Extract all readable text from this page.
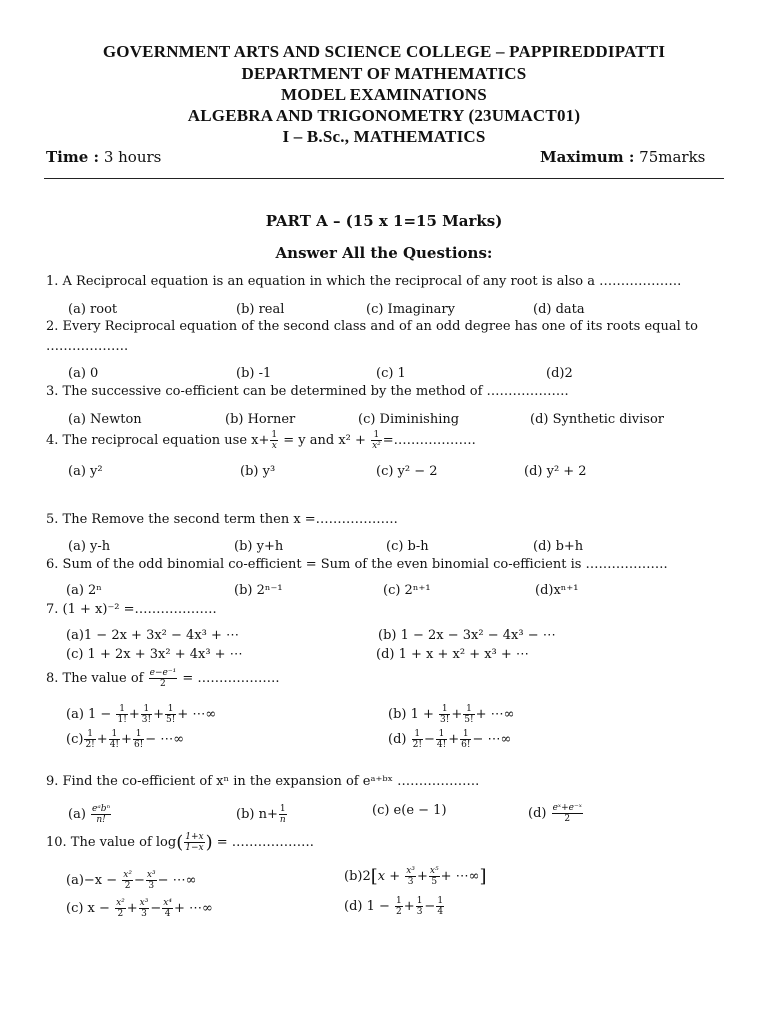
GOVERNMENT ARTS AND SCIENCE COLLEGE – PAPPIREDDIPATTI
DEPARTMENT OF MATHEMATICS
MODEL EXAMINATIONS
ALGEBRA AND TRIGONOMETRY (23UMACT01)
I – B.Sc., MATHEMATICS
Time : 3 hours	Maximum : 75marks
PART A – (15 x 1=15 Marks)
Answer All the Questions:
1. A Reciprocal equation is an equation in which the reciprocal of any root is also a ……………….
(a) root	(b) real	(c) Imaginary	(d) data
2. Every Reciprocal equation of the second class and of an odd degree has one of its roots equal to
……………….
(a) 0	(b) -1	(c) 1	(d)2
3. The successive co-efficient can be determined by the method of ……………….
(a) Newton	(b) Horner	(c) Diminishing	(d) Synthetic divisor
4. The reciprocal equation use $x+ \frac{1}{x} = y$ and $x^2 + \frac{1}{\text{x²}}$ =……………….
(a) y²	(b) y³	(c) y² − 2	(d) y² + 2
5. The Remove the second term then x =……………….
(a) y-h	(b) y+h	(c) b-h	(d) b+h
6. Sum of the odd binomial co-efficient = Sum of the even binomial co-efficient is ……………….
(a) 2ⁿ	(b) 2ⁿ⁻¹	(c) 2ⁿ⁺¹	(d)xⁿ⁺¹
7. (1 + x)⁻² =……………….
(a)1 − 2x + 3x² − 4x³ + ⋯	(b) 1 − 2x − 3x² − 4x³ − ⋯
(c) 1 + 2x + 3x² + 4x³ + ⋯	(d) 1 + x + x² + x³ + ⋯
8. The value of $\frac{\text{e−e⁻¹}}{2}$ = ……………….
(a) $1 - \frac{1}{1!} + \frac{1}{3!} + \frac{1}{5!}$ + ⋯∞	(b) $1 + \frac{1}{3!} + \frac{1}{5!}$ + ⋯∞
$(c) \frac{1}{2!} + \frac{1}{4!} + \frac{1}{6!}$ − ⋯∞	$(d) \frac{1}{2!} - \frac{1}{4!} + \frac{1}{6!}$ − ⋯∞
9. Find the co-efficient of xⁿ in the expansion of eᵃ⁺ᵇˣ ……………….
$(a) \frac{\text{eᵃbⁿ}}{n!}$	(b) $n+ \frac{1}{n}$	(c) e(e − 1)	$(d) \frac{\text{eˣ+e⁻ˣ}}{2}$
10. The value of $\log( \frac{1+x}{1-x}$ ) = ……………….
$(a)-x - \frac{\text{x²}}{2} - \frac{\text{x³}}{3}$ − ⋯∞	$(b)2[x + \frac{\text{x³}}{3} + \frac{\text{x⁵}}{5}$ + ⋯∞]
(c) $x - \frac{\text{x²}}{2} + \frac{\text{x³}}{3} - \frac{\text{x⁴}}{4}$ + ⋯∞	(d) $1 - \frac{1}{2} + \frac{1}{3} - \frac{1}{4}$
